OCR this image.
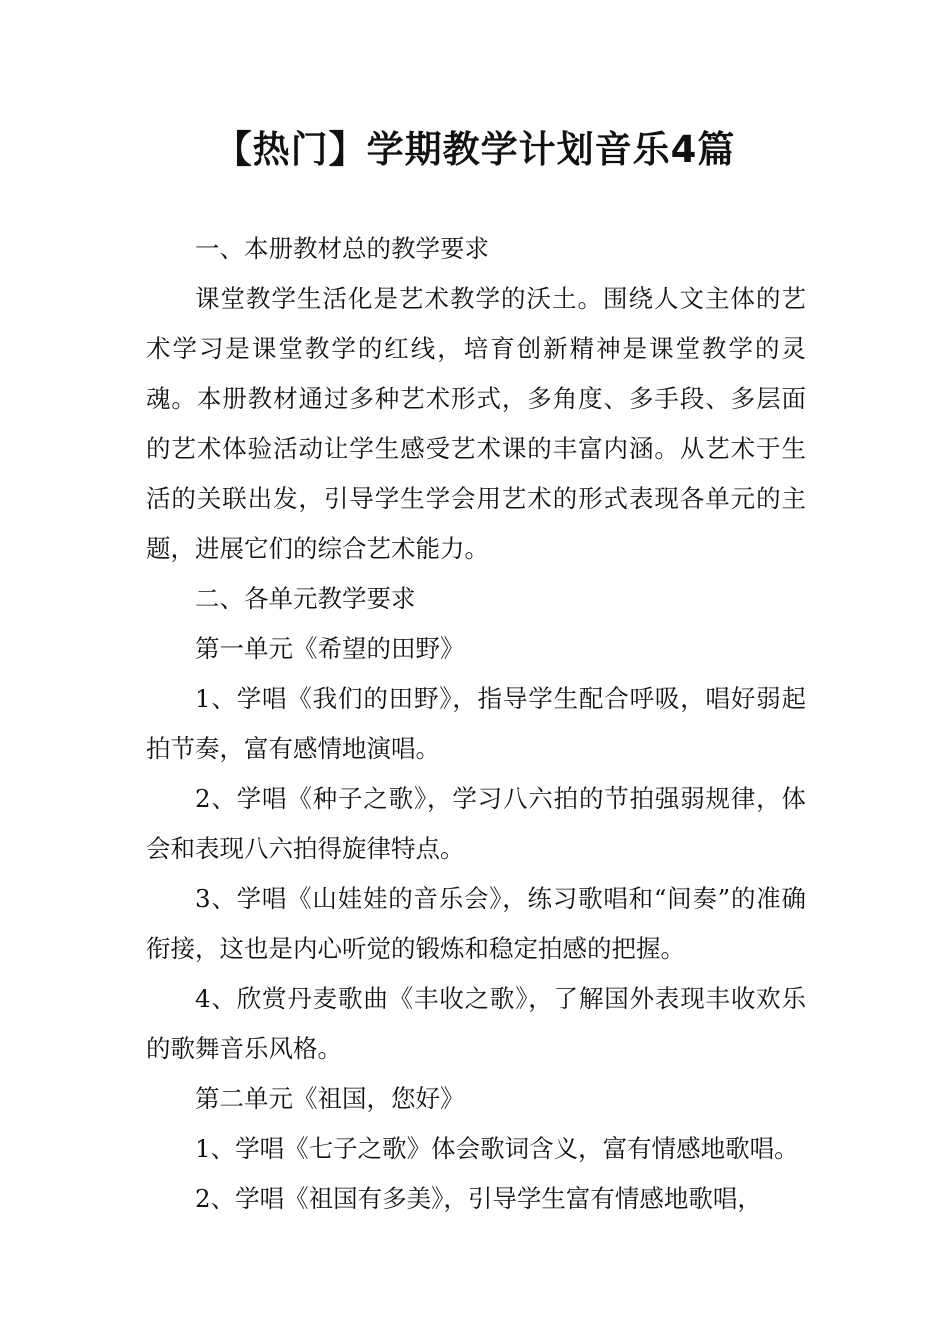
【热门】学期教学计划音乐4篇

一、本册教材总的教学要求

课堂教学生活化是艺术教学的沃土。围绕人文主体的艺术学习是课堂教学的红线，培育创新精神是课堂教学的灵魂。本册教材通过多种艺术形式，多角度、多手段、多层面的艺术体验活动让学生感受艺术课的丰富内涵。从艺术于生活的关联出发，引导学生学会用艺术的形式表现各单元的主题，进展它们的综合艺术能力。

二、各单元教学要求

第一单元《希望的田野》

1、学唱《我们的田野》，指导学生配合呼吸，唱好弱起拍节奏，富有感情地演唱。

2、学唱《种子之歌》，学习八六拍的节拍强弱规律，体会和表现八六拍得旋律特点。

3、学唱《山娃娃的音乐会》，练习歌唱和“间奏”的准确衔接，这也是内心听觉的锻炼和稳定拍感的把握。

4、欣赏丹麦歌曲《丰收之歌》，了解国外表现丰收欢乐的歌舞音乐风格。

第二单元《祖国，您好》

1、学唱《七子之歌》体会歌词含义，富有情感地歌唱。

2、学唱《祖国有多美》，引导学生富有情感地歌唱，
